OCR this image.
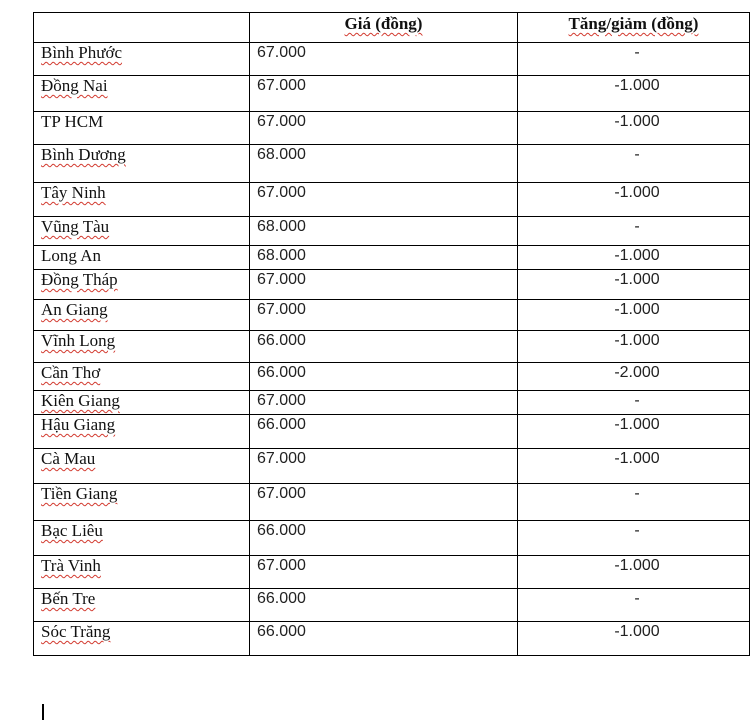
	Giá (đồng)	Tăng/giảm (đồng)
Bình Phước	67.000	-
Đồng Nai	67.000	-1.000
TP HCM	67.000	-1.000
Bình Dương	68.000	-
Tây Ninh	67.000	-1.000
Vũng Tàu	68.000	-
Long An	68.000	-1.000
Đồng Tháp	67.000	-1.000
An Giang	67.000	-1.000
Vĩnh Long	66.000	-1.000
Cần Thơ	66.000	-2.000
Kiên Giang	67.000	-
Hậu Giang	66.000	-1.000
Cà Mau	67.000	-1.000
Tiền Giang	67.000	-
Bạc Liêu	66.000	-
Trà Vinh	67.000	-1.000
Bến Tre	66.000	-
Sóc Trăng	66.000	-1.000
